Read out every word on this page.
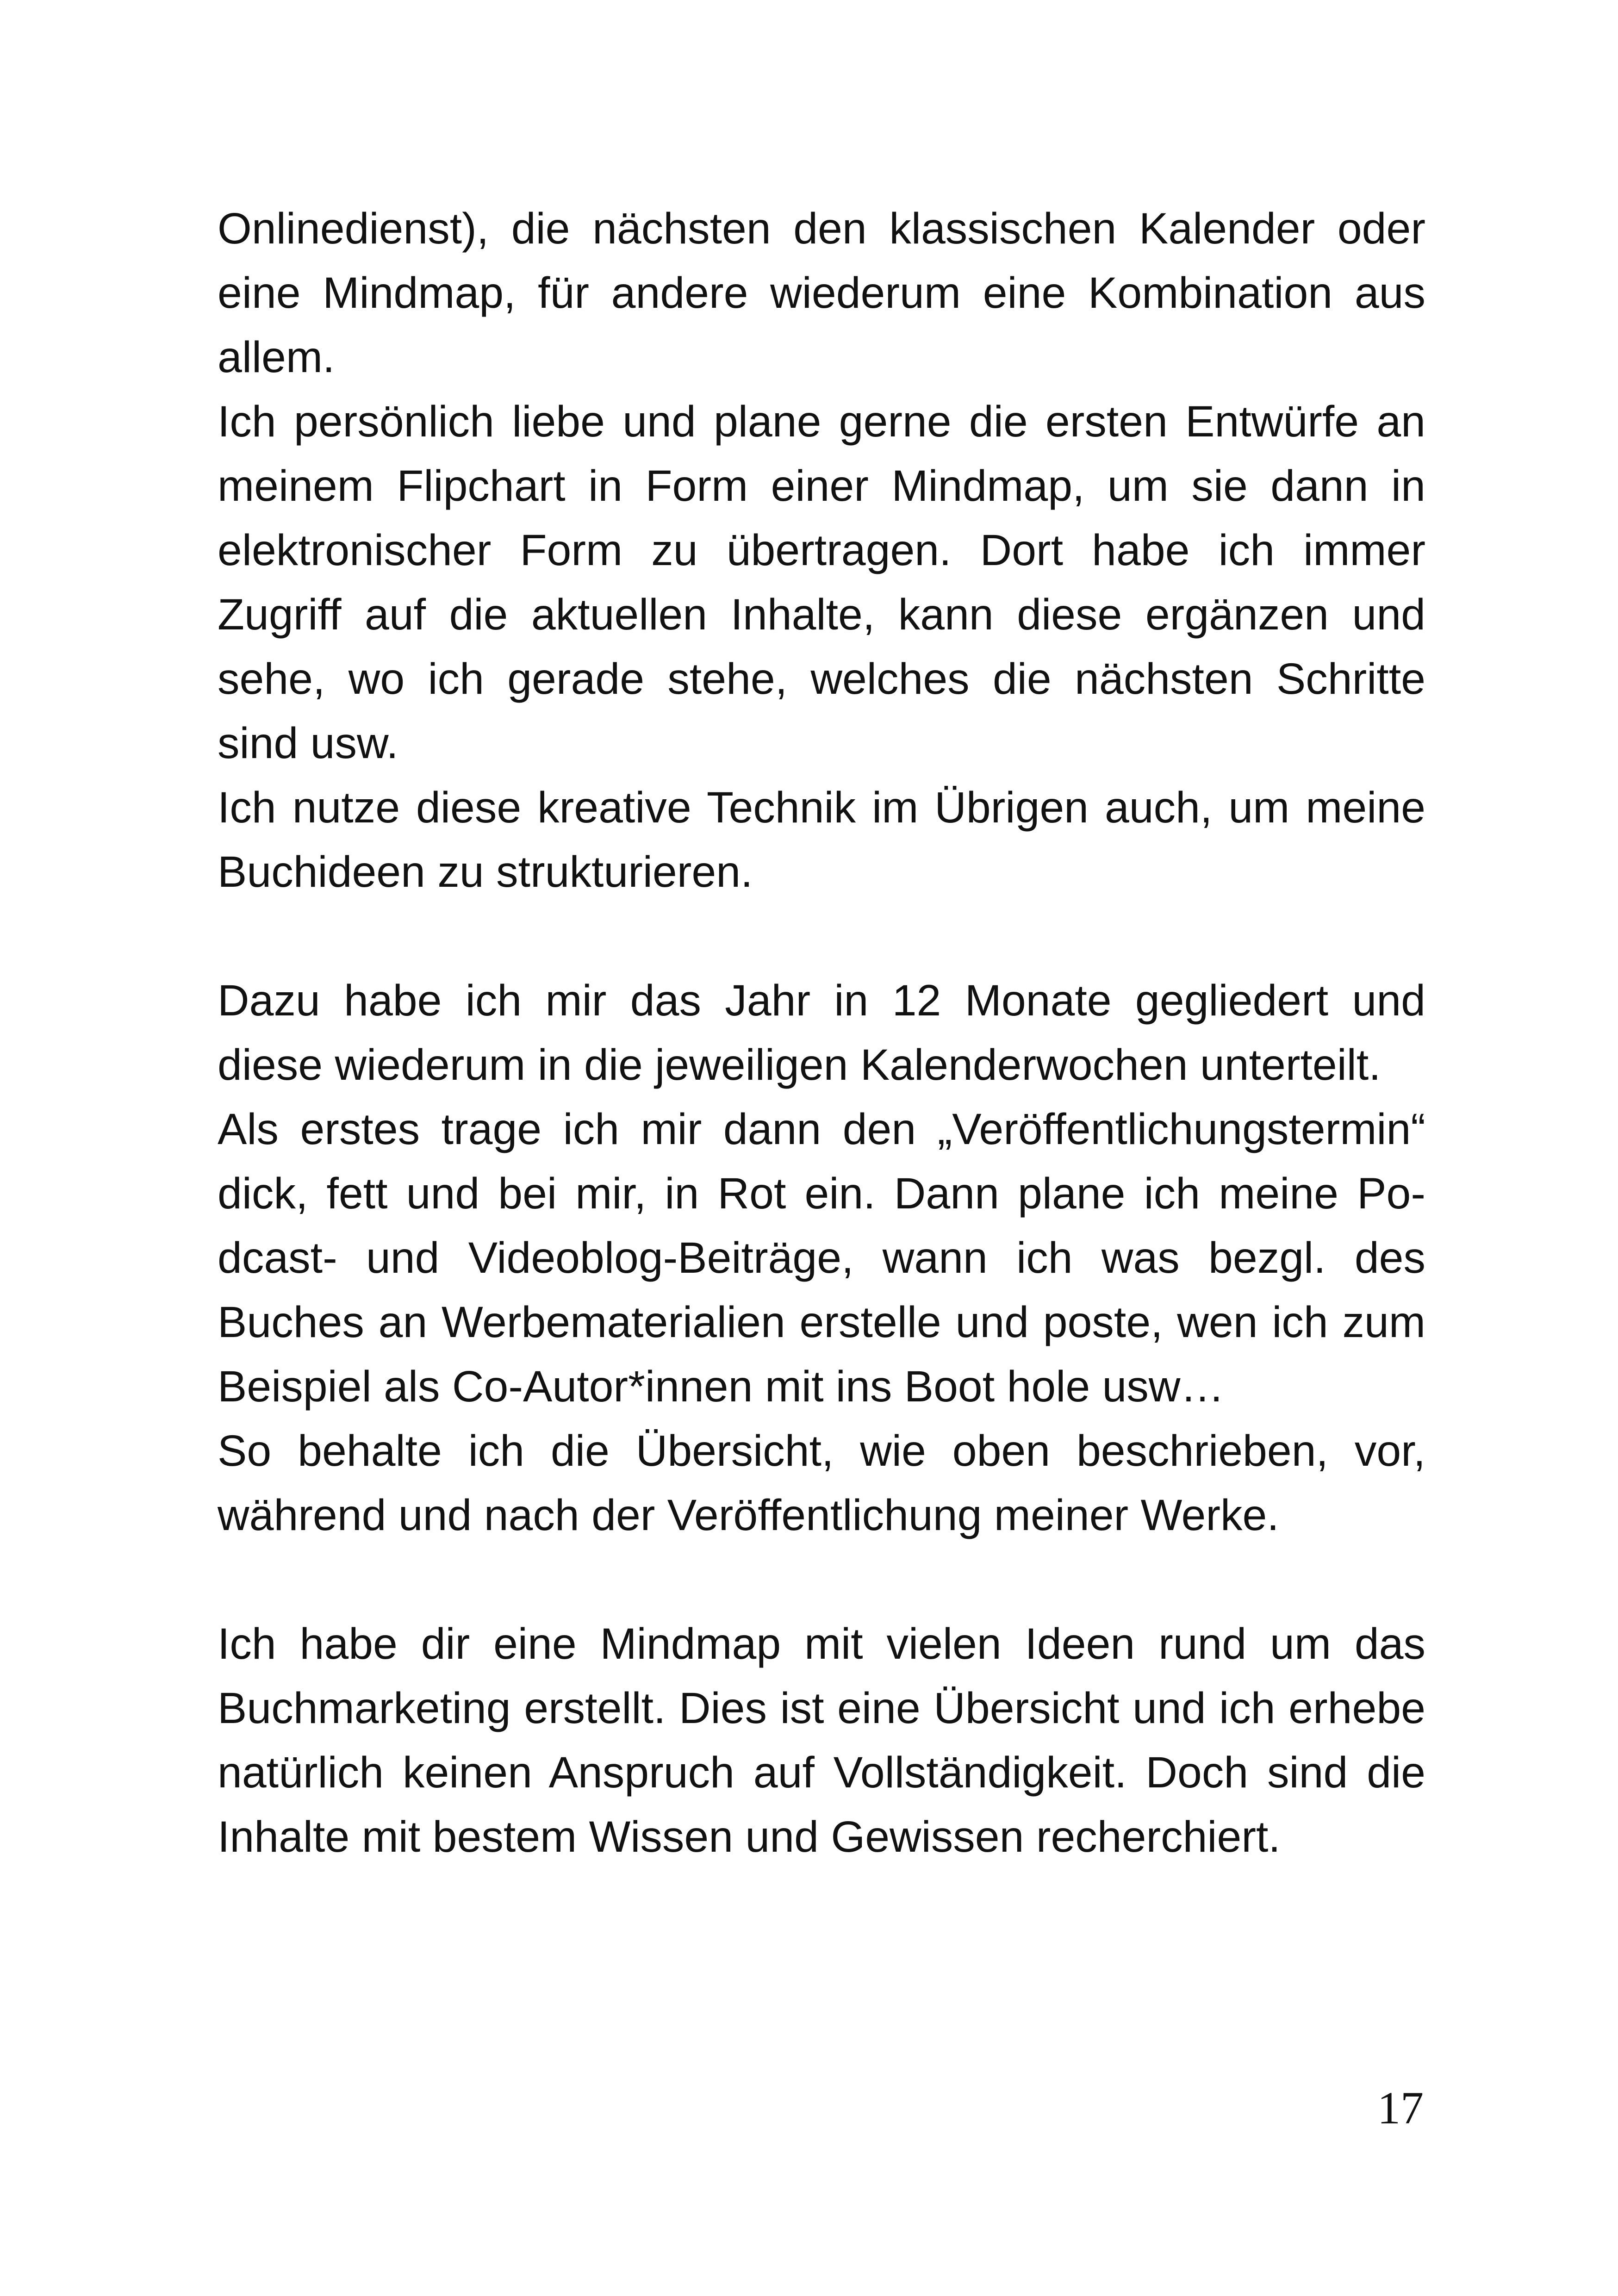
Onlinedienst), die nächsten den klassischen Kalender oder eine Mindmap, für andere wiederum eine Kombination aus allem.

Ich persönlich liebe und plane gerne die ersten Entwürfe an meinem Flipchart in Form einer Mindmap, um sie dann in elektronischer Form zu übertragen. Dort habe ich immer Zugriff auf die aktuellen Inhalte, kann diese ergänzen und sehe, wo ich gerade stehe, welches die nächsten Schritte sind usw.

Ich nutze diese kreative Technik im Übrigen auch, um meine Buchideen zu strukturieren.

Dazu habe ich mir das Jahr in 12 Monate gegliedert und diese wiederum in die jeweiligen Kalenderwochen unterteilt.

Als erstes trage ich mir dann den „Veröffentlichungstermin“ dick, fett und bei mir, in Rot ein. Dann plane ich meine Podcast- und Videoblog-Beiträge, wann ich was bezgl. des Buches an Werbematerialien erstelle und poste, wen ich zum Beispiel als Co-Autor*innen mit ins Boot hole usw…

So behalte ich die Übersicht, wie oben beschrieben, vor, während und nach der Veröffentlichung meiner Werke.

Ich habe dir eine Mindmap mit vielen Ideen rund um das Buchmarketing erstellt. Dies ist eine Übersicht und ich erhebe natürlich keinen Anspruch auf Vollständigkeit. Doch sind die Inhalte mit bestem Wissen und Gewissen recherchiert.

17
